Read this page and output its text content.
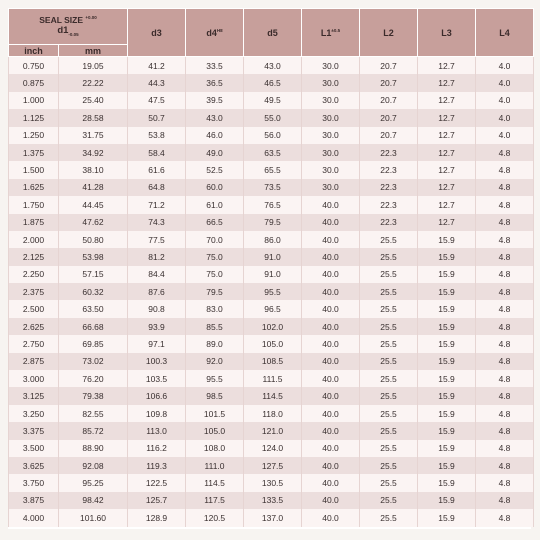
SEAL SIZE $^{+0.00}$
$d1_{-0.05}$		d3	$d4^{H8}$	d5	$L1^{\pm 0.5}$	L2	L3	L4
inch	mm							
0.750	19.05	41.2	33.5	43.0	30.0	20.7	12.7	4.0
0.875	22.22	44.3	36.5	46.5	30.0	20.7	12.7	4.0
1.000	25.40	47.5	39.5	49.5	30.0	20.7	12.7	4.0
1.125	28.58	50.7	43.0	55.0	30.0	20.7	12.7	4.0
1.250	31.75	53.8	46.0	56.0	30.0	20.7	12.7	4.0
1.375	34.92	58.4	49.0	63.5	30.0	22.3	12.7	4.8
1.500	38.10	61.6	52.5	65.5	30.0	22.3	12.7	4.8
1.625	41.28	64.8	60.0	73.5	30.0	22.3	12.7	4.8
1.750	44.45	71.2	61.0	76.5	40.0	22.3	12.7	4.8
1.875	47.62	74.3	66.5	79.5	40.0	22.3	12.7	4.8
2.000	50.80	77.5	70.0	86.0	40.0	25.5	15.9	4.8
2.125	53.98	81.2	75.0	91.0	40.0	25.5	15.9	4.8
2.250	57.15	84.4	75.0	91.0	40.0	25.5	15.9	4.8
2.375	60.32	87.6	79.5	95.5	40.0	25.5	15.9	4.8
2.500	63.50	90.8	83.0	96.5	40.0	25.5	15.9	4.8
2.625	66.68	93.9	85.5	102.0	40.0	25.5	15.9	4.8
2.750	69.85	97.1	89.0	105.0	40.0	25.5	15.9	4.8
2.875	73.02	100.3	92.0	108.5	40.0	25.5	15.9	4.8
3.000	76.20	103.5	95.5	111.5	40.0	25.5	15.9	4.8
3.125	79.38	106.6	98.5	114.5	40.0	25.5	15.9	4.8
3.250	82.55	109.8	101.5	118.0	40.0	25.5	15.9	4.8
3.375	85.72	113.0	105.0	121.0	40.0	25.5	15.9	4.8
3.500	88.90	116.2	108.0	124.0	40.0	25.5	15.9	4.8
3.625	92.08	119.3	111.0	127.5	40.0	25.5	15.9	4.8
3.750	95.25	122.5	114.5	130.5	40.0	25.5	15.9	4.8
3.875	98.42	125.7	117.5	133.5	40.0	25.5	15.9	4.8
4.000	101.60	128.9	120.5	137.0	40.0	25.5	15.9	4.8
